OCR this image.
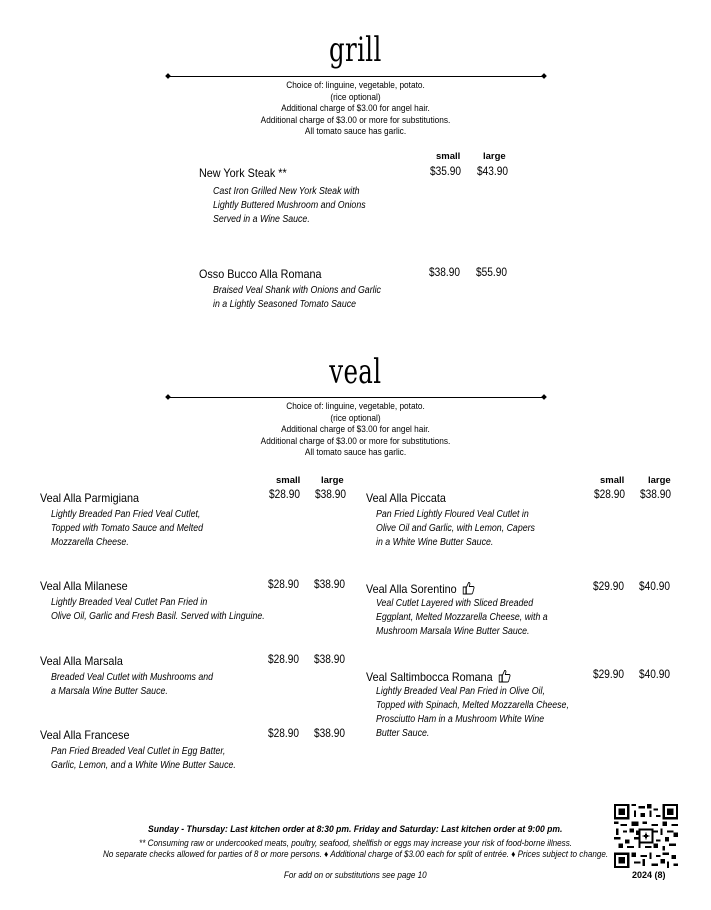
grill
Choice of: linguine, vegetable, potato.
(rice optional)
Additional charge of $3.00 for angel hair.
Additional charge of $3.00 or more for substitutions.
All tomato sauce has garlic.
small large
New York Steak **	$35.90 $43.90
Cast Iron Grilled New York Steak with
Lightly Buttered Mushroom and Onions
Served in a Wine Sauce.
Osso Bucco Alla Romana	$38.90 $55.90
Braised Veal Shank with Onions and Garlic
in a Lightly Seasoned Tomato Sauce
veal
Choice of: linguine, vegetable, potato.
(rice optional)
Additional charge of $3.00 for angel hair.
Additional charge of $3.00 or more for substitutions.
All tomato sauce has garlic.
small large	small large
Veal Alla Parmigiana	$28.90 $38.90
Lightly Breaded Pan Fried Veal Cutlet,
Topped with Tomato Sauce and Melted
Mozzarella Cheese.
Veal Alla Milanese	$28.90 $38.90
Lightly Breaded Veal Cutlet Pan Fried in
Olive Oil, Garlic and Fresh Basil. Served with Linguine.
Veal Alla Marsala	$28.90 $38.90
Breaded Veal Cutlet with Mushrooms and
a Marsala Wine Butter Sauce.
Veal Alla Francese	$28.90 $38.90
Pan Fried Breaded Veal Cutlet in Egg Batter,
Garlic, Lemon, and a White Wine Butter Sauce.
Veal Alla Piccata	$28.90 $38.90
Pan Fried Lightly Floured Veal Cutlet in
Olive Oil and Garlic, with Lemon, Capers
in a White Wine Butter Sauce.
Veal Alla Sorentino	$29.90 $40.90
Veal Cutlet Layered with Sliced Breaded
Eggplant, Melted Mozzarella Cheese, with a
Mushroom Marsala Wine Butter Sauce.
Veal Saltimbocca Romana	$29.90 $40.90
Lightly Breaded Veal Pan Fried in Olive Oil,
Topped with Spinach, Melted Mozzarella Cheese,
Prosciutto Ham in a Mushroom White Wine
Butter Sauce.
Sunday - Thursday: Last kitchen order at 8:30 pm. Friday and Saturday: Last kitchen order at 9:00 pm.
** Consuming raw or undercooked meats, poultry, seafood, shellfish or eggs may increase your risk of food-borne illness.
No separate checks allowed for parties of 8 or more persons. ♦ Additional charge of $3.00 each for split of entrée. ♦ Prices subject to change.
For add on or substitutions see page 10	2024 (8)
